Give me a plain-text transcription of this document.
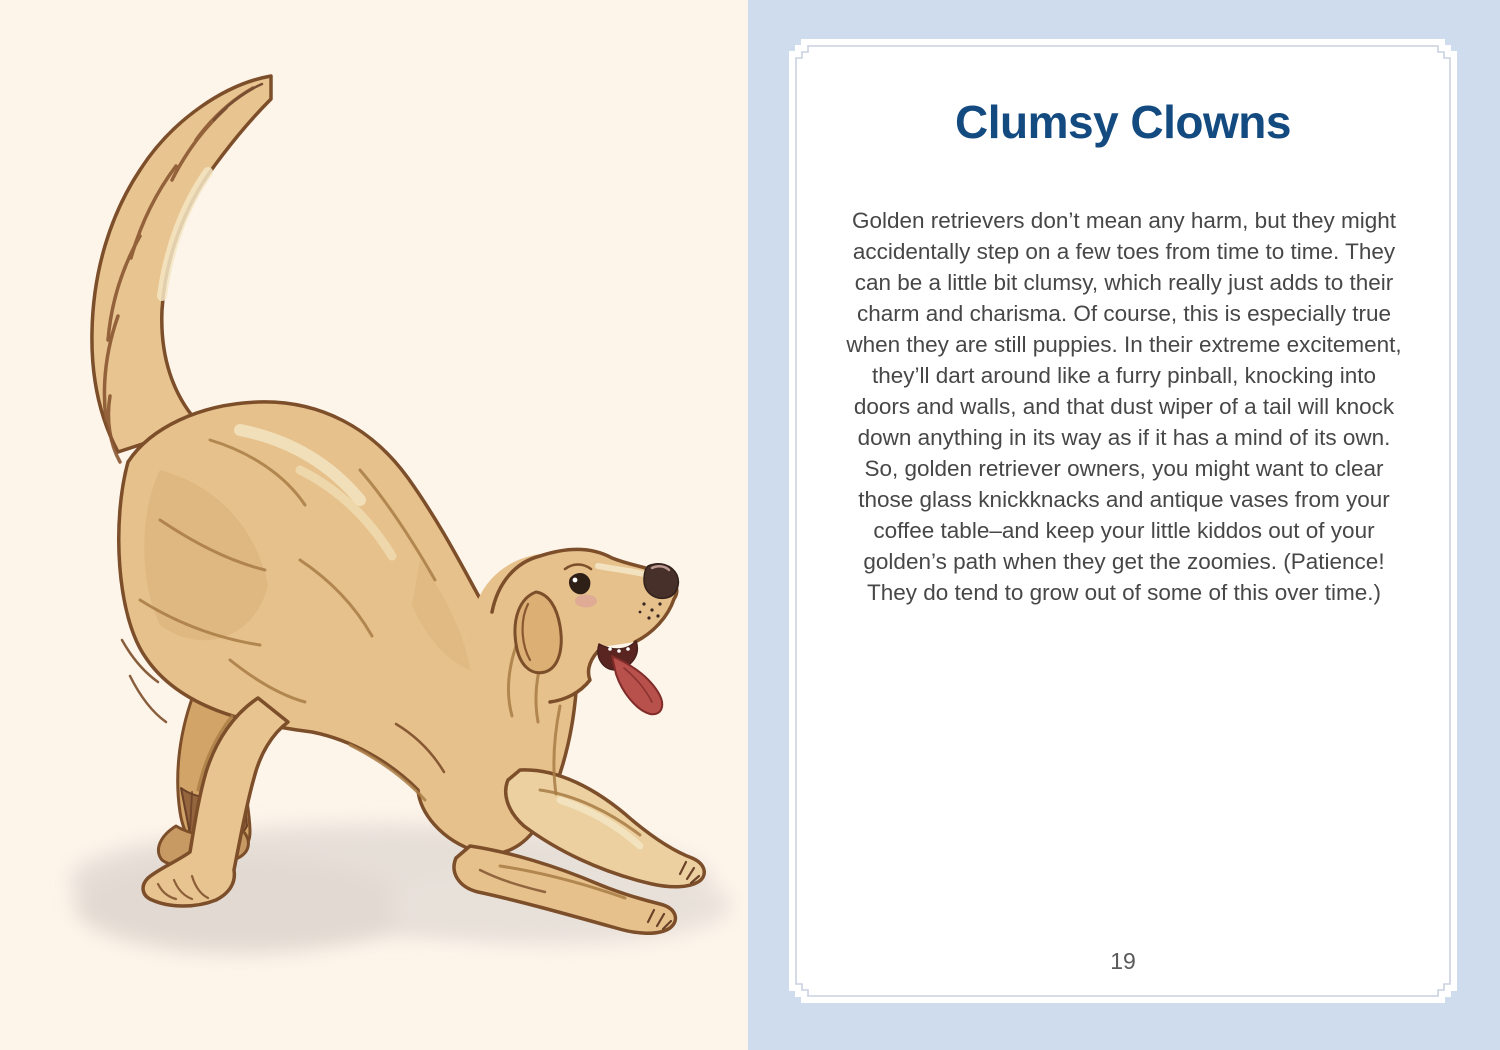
Clumsy Clowns
Golden retrievers don’t mean any harm, but they might accidentally step on a few toes from time to time. They can be a little bit clumsy, which really just adds to their charm and charisma. Of course, this is especially true when they are still puppies. In their extreme excitement, they’ll dart around like a furry pinball, knocking into doors and walls, and that dust wiper of a tail will knock down anything in its way as if it has a mind of its own. So, golden retriever owners, you might want to clear those glass knickknacks and antique vases from your coffee table–and keep your little kiddos out of your golden’s path when they get the zoomies. (Patience! They do tend to grow out of some of this over time.)
19
